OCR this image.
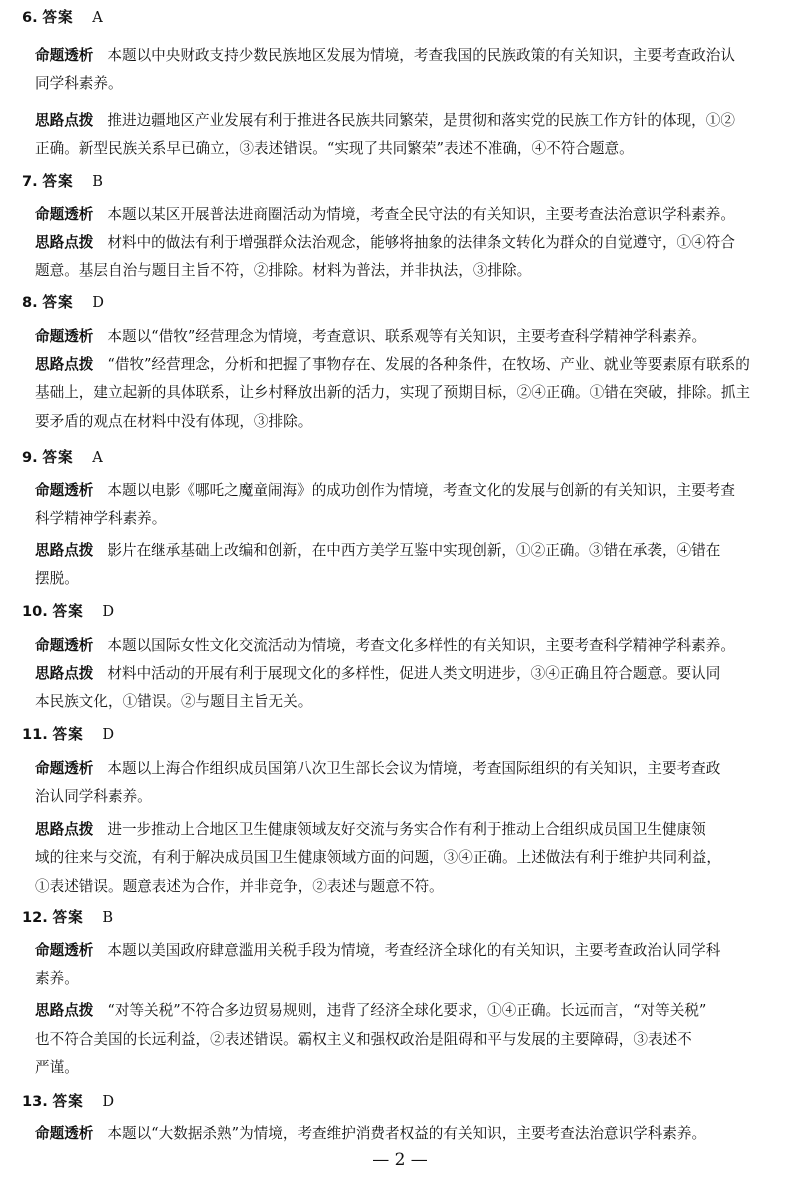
6. 答案 A
命题透析 本题以中央财政支持少数民族地区发展为情境，考查我国的民族政策的有关知识，主要考查政治认
同学科素养。
思路点拨 推进边疆地区产业发展有利于推进各民族共同繁荣，是贯彻和落实党的民族工作方针的体现，①②
正确。新型民族关系早已确立，③表述错误。“实现了共同繁荣”表述不准确，④不符合题意。
7. 答案 B
命题透析 本题以某区开展普法进商圈活动为情境，考查全民守法的有关知识，主要考查法治意识学科素养。
思路点拨 材料中的做法有利于增强群众法治观念，能够将抽象的法律条文转化为群众的自觉遵守，①④符合
题意。基层自治与题目主旨不符，②排除。材料为普法，并非执法，③排除。
8. 答案 D
命题透析 本题以“借牧”经营理念为情境，考查意识、联系观等有关知识，主要考查科学精神学科素养。
思路点拨 “借牧”经营理念，分析和把握了事物存在、发展的各种条件，在牧场、产业、就业等要素原有联系的
基础上，建立起新的具体联系，让乡村释放出新的活力，实现了预期目标，②④正确。①错在突破，排除。抓主
要矛盾的观点在材料中没有体现，③排除。
9. 答案 A
命题透析 本题以电影《哪吒之魔童闹海》的成功创作为情境，考查文化的发展与创新的有关知识，主要考查
科学精神学科素养。
思路点拨 影片在继承基础上改编和创新，在中西方美学互鉴中实现创新，①②正确。③错在承袭，④错在
摆脱。
10. 答案 D
命题透析 本题以国际女性文化交流活动为情境，考查文化多样性的有关知识，主要考查科学精神学科素养。
思路点拨 材料中活动的开展有利于展现文化的多样性，促进人类文明进步，③④正确且符合题意。要认同
本民族文化，①错误。②与题目主旨无关。
11. 答案 D
命题透析 本题以上海合作组织成员国第八次卫生部长会议为情境，考查国际组织的有关知识，主要考查政
治认同学科素养。
思路点拨 进一步推动上合地区卫生健康领域友好交流与务实合作有利于推动上合组织成员国卫生健康领
域的往来与交流，有利于解决成员国卫生健康领域方面的问题，③④正确。上述做法有利于维护共同利益，
①表述错误。题意表述为合作，并非竞争，②表述与题意不符。
12. 答案 B
命题透析 本题以美国政府肆意滥用关税手段为情境，考查经济全球化的有关知识，主要考查政治认同学科
素养。
思路点拨 “对等关税”不符合多边贸易规则，违背了经济全球化要求，①④正确。长远而言，“对等关税”
也不符合美国的长远利益，②表述错误。霸权主义和强权政治是阻碍和平与发展的主要障碍，③表述不
严谨。
13. 答案 D
命题透析 本题以“大数据杀熟”为情境，考查维护消费者权益的有关知识，主要考查法治意识学科素养。
— 2 —
